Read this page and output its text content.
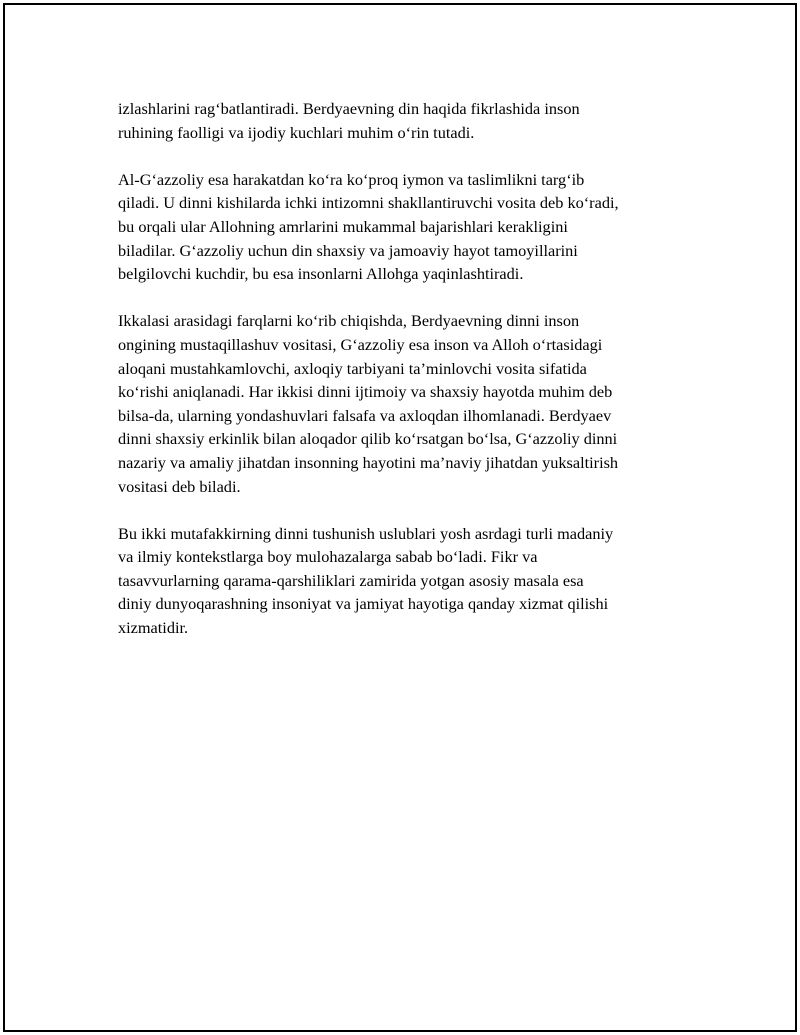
izlashlarini rag‘batlantiradi. Berdyaevning din haqida fikrlashida inson
ruhining faolligi va ijodiy kuchlari muhim o‘rin tutadi.

Al-G‘azzoliy esa harakatdan ko‘ra ko‘proq iymon va taslimlikni targ‘ib
qiladi. U dinni kishilarda ichki intizomni shakllantiruvchi vosita deb ko‘radi,
bu orqali ular Allohning amrlarini mukammal bajarishlari kerakligini
biladilar. G‘azzoliy uchun din shaxsiy va jamoaviy hayot tamoyillarini
belgilovchi kuchdir, bu esa insonlarni Allohga yaqinlashtiradi.

Ikkalasi arasidagi farqlarni ko‘rib chiqishda, Berdyaevning dinni inson
ongining mustaqillashuv vositasi, G‘azzoliy esa inson va Alloh o‘rtasidagi
aloqani mustahkamlovchi, axloqiy tarbiyani ta’minlovchi vosita sifatida
ko‘rishi aniqlanadi. Har ikkisi dinni ijtimoiy va shaxsiy hayotda muhim deb
bilsa-da, ularning yondashuvlari falsafa va axloqdan ilhomlanadi. Berdyaev
dinni shaxsiy erkinlik bilan aloqador qilib ko‘rsatgan bo‘lsa, G‘azzoliy dinni
nazariy va amaliy jihatdan insonning hayotini ma’naviy jihatdan yuksaltirish
vositasi deb biladi.

Bu ikki mutafakkirning dinni tushunish uslublari yosh asrdagi turli madaniy
va ilmiy kontekstlarga boy mulohazalarga sabab bo‘ladi. Fikr va
tasavvurlarning qarama-qarshiliklari zamirida yotgan asosiy masala esa
diniy dunyoqarashning insoniyat va jamiyat hayotiga qanday xizmat qilishi
xizmatidir.
